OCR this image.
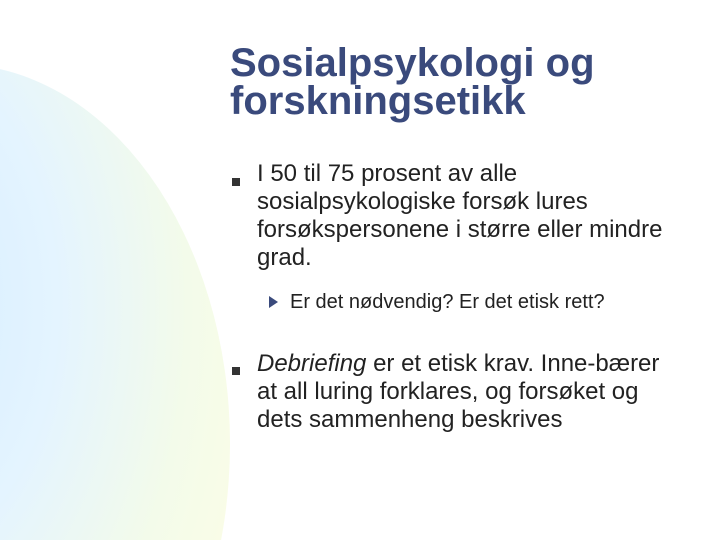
Sosialpsykologi og forskningsetikk

I 50 til 75 prosent av alle sosialpsykologiske forsøk lures forsøkspersonene i større eller mindre grad.

Er det nødvendig? Er det etisk rett?

Debriefing er et etisk krav. Inne-bærer at all luring forklares, og forsøket og dets sammenheng beskrives
